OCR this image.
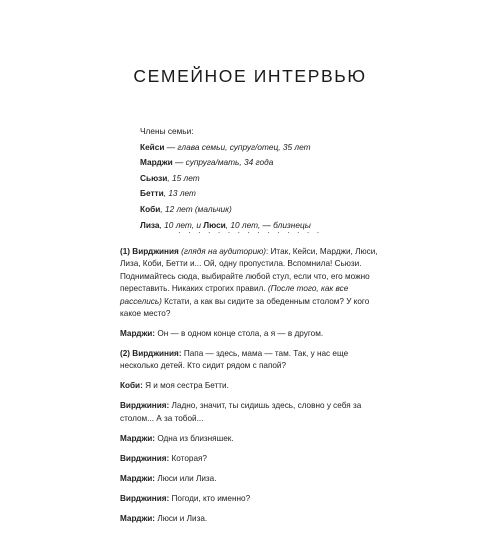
СЕМЕЙНОЕ ИНТЕРВЬЮ
Члены семьи:
Кейси — глава семьи, супруг/отец, 35 лет
Марджи — супруга/мать, 34 года
Сьюзи, 15 лет
Бетти, 13 лет
Коби, 12 лет (мальчик)
Лиза, 10 лет, и Люси, 10 лет, — близнецы
· · · · · · · · · · · · · · ·

(1) Вирджиния (глядя на аудиторию): Итак, Кейси, Марджи, Люси, Лиза, Коби, Бетти и... Ой, одну пропустила. Вспомнила! Сьюзи. Поднимайтесь сюда, выбирайте любой стул, если что, его можно переставить. Никаких строгих правил. (После того, как все расселись) Кстати, а как вы сидите за обеденным столом? У кого какое место?

Марджи: Он — в одном конце стола, а я — в другом.

(2) Вирджиния: Папа — здесь, мама — там. Так, у нас еще несколько детей. Кто сидит рядом с папой?

Коби: Я и моя сестра Бетти.

Вирджиния: Ладно, значит, ты сидишь здесь, словно у себя за столом... А за тобой...

Марджи: Одна из близняшек.

Вирджиния: Которая?

Марджи: Люси или Лиза.

Вирджиния: Погоди, кто именно?

Марджи: Люси и Лиза.
